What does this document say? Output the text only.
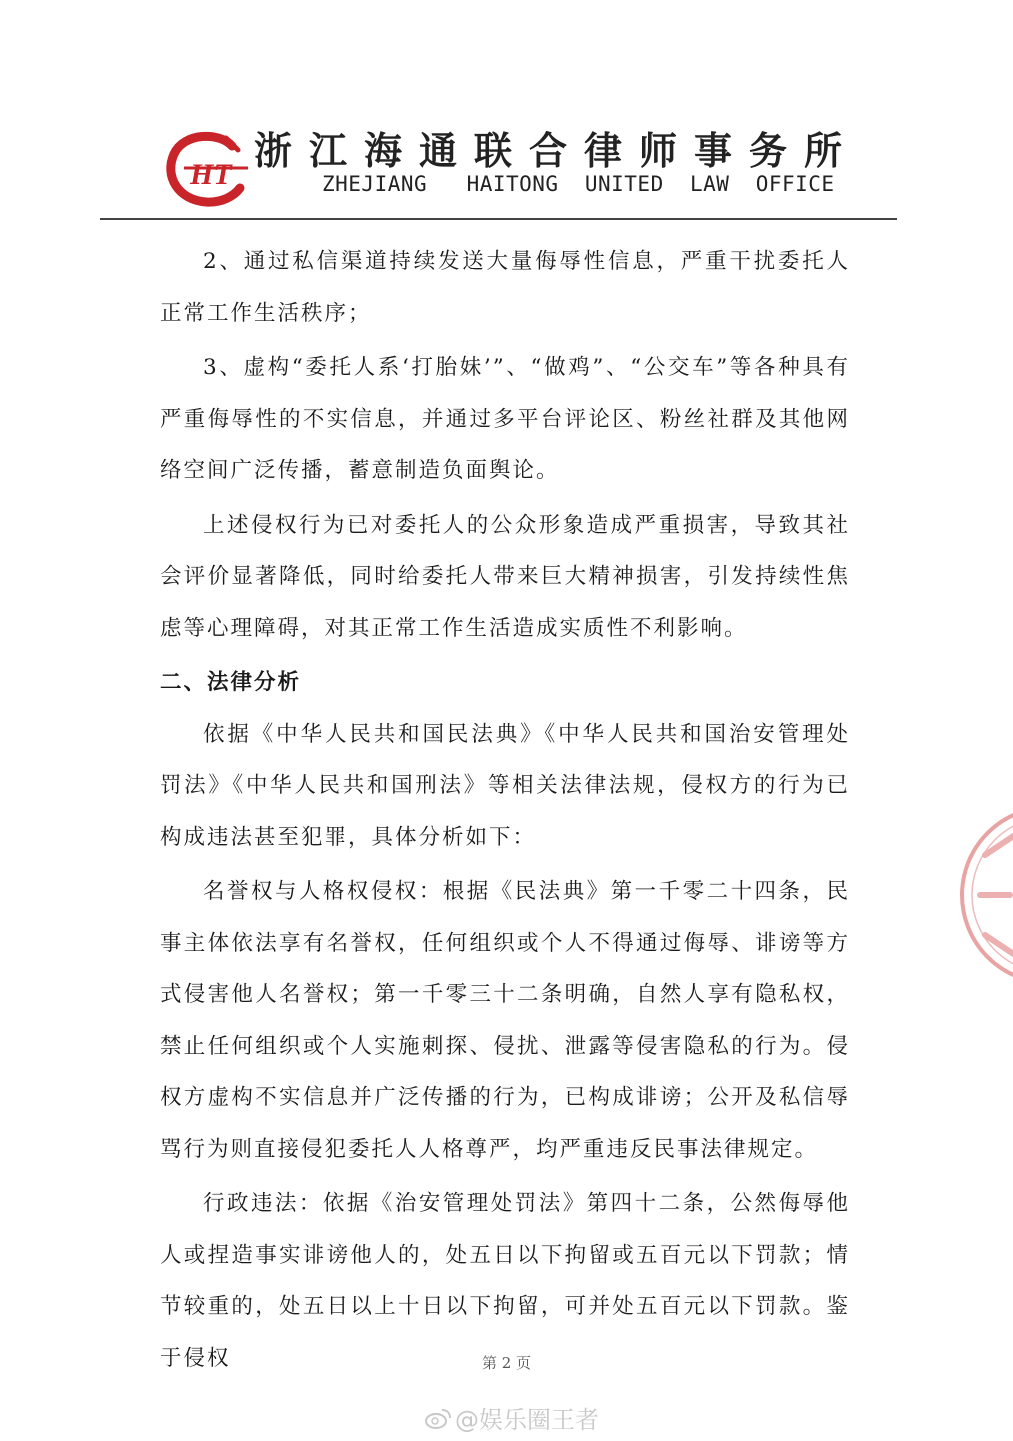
HT
浙江海通联合律师事务所
ZHEJIANG   HAITONG  UNITED  LAW  OFFICE

2、通过私信渠道持续发送大量侮辱性信息，严重干扰委托人正常工作生活秩序；

3、虚构“委托人系‘打胎妹’”、“做鸡”、“公交车”等各种具有严重侮辱性的不实信息，并通过多平台评论区、粉丝社群及其他网络空间广泛传播，蓄意制造负面舆论。

上述侵权行为已对委托人的公众形象造成严重损害，导致其社会评价显著降低，同时给委托人带来巨大精神损害，引发持续性焦虑等心理障碍，对其正常工作生活造成实质性不利影响。

二、法律分析

依据《中华人民共和国民法典》《中华人民共和国治安管理处罚法》《中华人民共和国刑法》等相关法律法规，侵权方的行为已构成违法甚至犯罪，具体分析如下：

名誉权与人格权侵权：根据《民法典》第一千零二十四条，民事主体依法享有名誉权，任何组织或个人不得通过侮辱、诽谤等方式侵害他人名誉权；第一千零三十二条明确，自然人享有隐私权，禁止任何组织或个人实施刺探、侵扰、泄露等侵害隐私的行为。侵权方虚构不实信息并广泛传播的行为，已构成诽谤；公开及私信辱骂行为则直接侵犯委托人人格尊严，均严重违反民事法律规定。

行政违法：依据《治安管理处罚法》第四十二条，公然侮辱他人或捏造事实诽谤他人的，处五日以下拘留或五百元以下罚款；情节较重的，处五日以上十日以下拘留，可并处五百元以下罚款。鉴于侵权	第 2 页
@娱乐圈王者
